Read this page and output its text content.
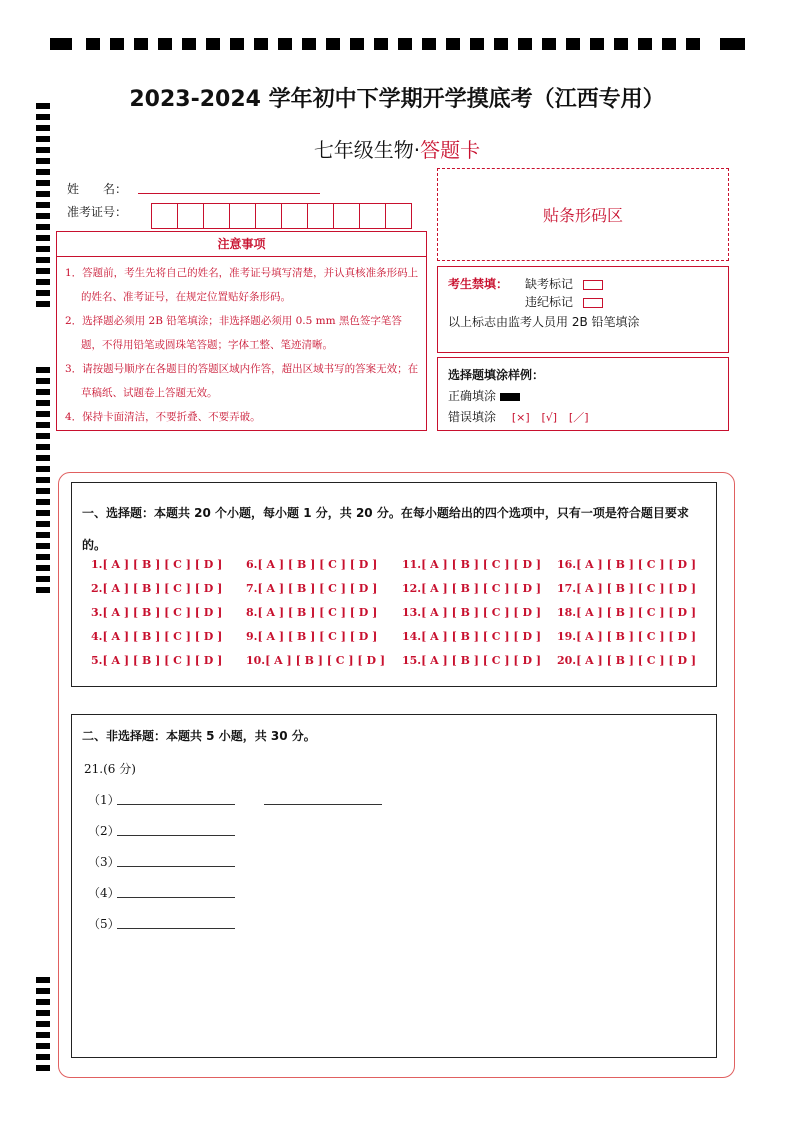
2023-2024 学年初中下学期开学摸底考（江西专用）
七年级生物·答题卡
姓　　名：
准考证号：	贴条形码区
注意事项
1．答题前，考生先将自己的姓名，准考证号填写清楚，并认真核准条形码上的姓名、准考证号，在规定位置贴好条形码。
2．选择题必须用 2B 铅笔填涂；非选择题必须用 0.5 mm 黑色签字笔答题，不得用铅笔或圆珠笔答题；字体工整、笔迹清晰。
3．请按题号顺序在各题目的答题区域内作答，超出区域书写的答案无效；在草稿纸、试题卷上答题无效。
4．保持卡面清洁，不要折叠、不要弄破。
考生禁填： 缺考标记
违纪标记
以上标志由监考人员用 2B 铅笔填涂
选择题填涂样例：
正确填涂
错误填涂 [×] [√] [／]
一、选择题：本题共 20 个小题，每小题 1 分，共 20 分。在每小题给出的四个选项中，只有一项是符合题目要求的。
1.[ A ] [ B ] [ C ] [ D ]
2.[ A ] [ B ] [ C ] [ D ]
3.[ A ] [ B ] [ C ] [ D ]
4.[ A ] [ B ] [ C ] [ D ]
5.[ A ] [ B ] [ C ] [ D ]
6.[ A ] [ B ] [ C ] [ D ]
7.[ A ] [ B ] [ C ] [ D ]
8.[ A ] [ B ] [ C ] [ D ]
9.[ A ] [ B ] [ C ] [ D ]
10.[ A ] [ B ] [ C ] [ D ]
11.[ A ] [ B ] [ C ] [ D ]
12.[ A ] [ B ] [ C ] [ D ]
13.[ A ] [ B ] [ C ] [ D ]
14.[ A ] [ B ] [ C ] [ D ]
15.[ A ] [ B ] [ C ] [ D ]
16.[ A ] [ B ] [ C ] [ D ]
17.[ A ] [ B ] [ C ] [ D ]
18.[ A ] [ B ] [ C ] [ D ]
19.[ A ] [ B ] [ C ] [ D ]
20.[ A ] [ B ] [ C ] [ D ]
二、非选择题：本题共 5 小题，共 30 分。
21.(6 分)
（1）
（2）
（3）
（4）
（5）
